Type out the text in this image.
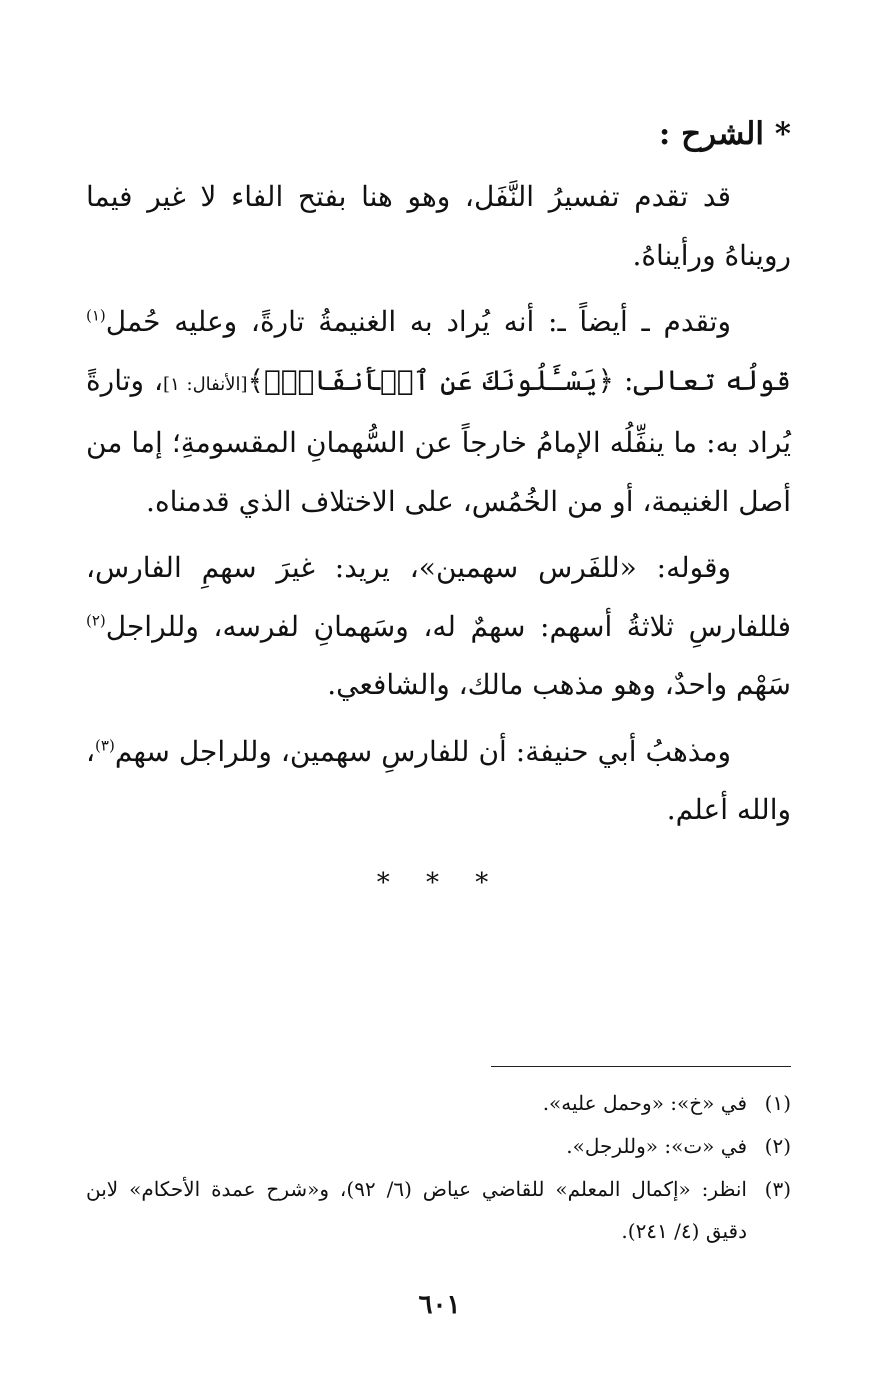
* الشرح :

قد تقدم تفسيرُ النَّفَل، وهو هنا بفتح الفاء لا غير فيما رويناهُ ورأيناهُ.

وتقدم ـ أيضاً ـ: أنه يُراد به الغنيمةُ تارةً، وعليه حُمل$^{(١)}$ قولُه تعالى: ﴿يَسْـَٔلُونَكَ عَنِ ٱلۡأَنفَالِۖ﴾[الأنفال: ١]، وتارةً يُراد به: ما ينفِّلُه الإمامُ خارجاً عن السُّهمانِ المقسومةِ؛ إما من أصل الغنيمة، أو من الخُمُس، على الاختلاف الذي قدمناه.

وقوله: «للفَرس سهمين»، يريد: غيرَ سهمِ الفارس، فللفارسِ ثلاثةُ أسهم: سهمٌ له، وسَهمانِ لفرسه، وللراجل$^{(٢)}$ سَهْم واحدٌ، وهو مذهب مالك، والشافعي.

ومذهبُ أبي حنيفة: أن للفارسِ سهمين، وللراجل سهم$^{(٣)}$، والله أعلم.

* * *
(١)
في «خ»: «وحمل عليه».
(٢)
في «ت»: «وللرجل».
(٣)
انظر: «إكمال المعلم» للقاضي عياض (٦/ ٩٢)، و«شرح عمدة الأحكام» لابن دقيق (٤/ ٢٤١).
٦٠١
